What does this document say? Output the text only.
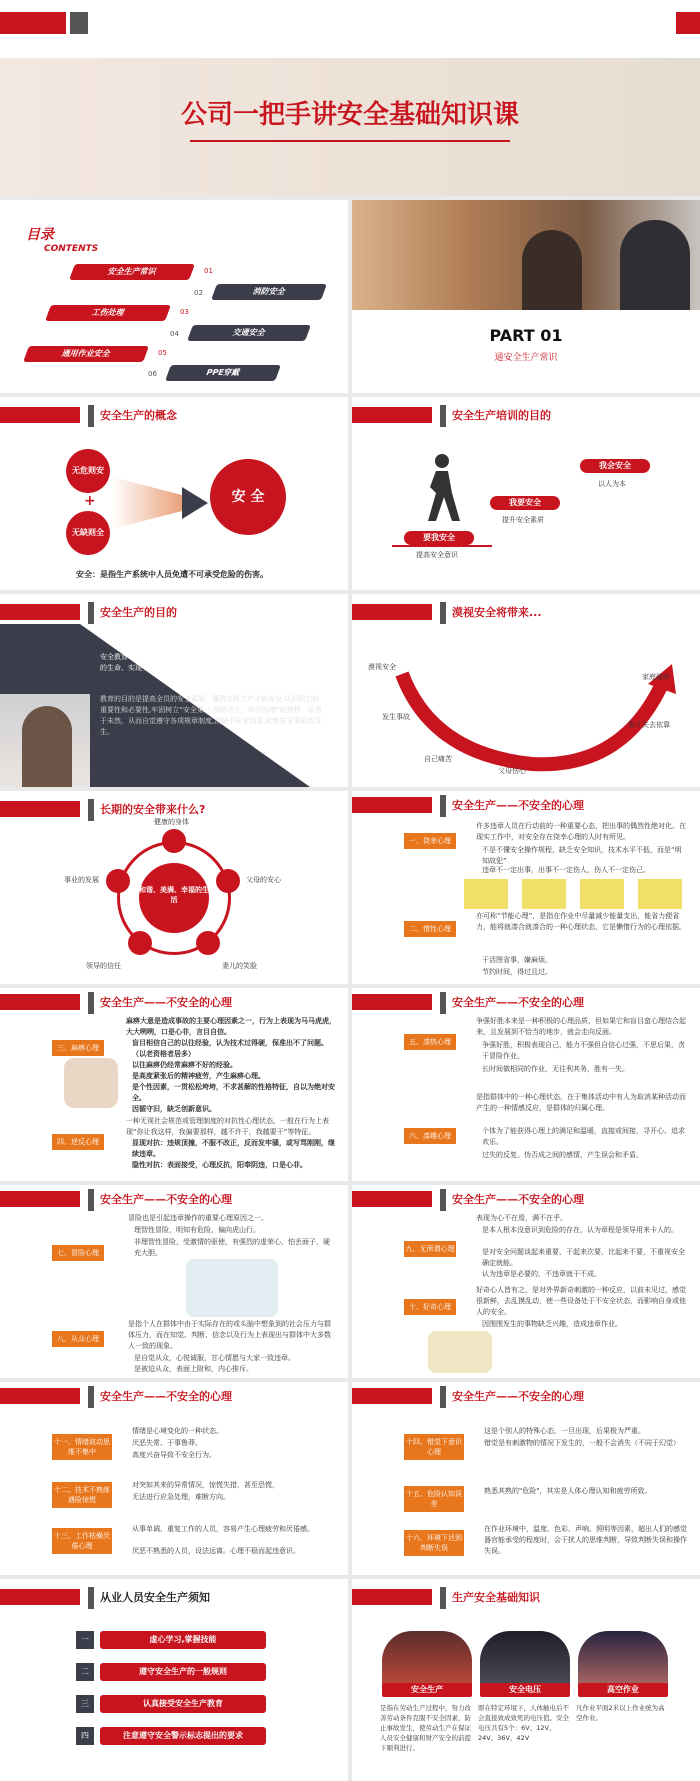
公司一把手讲安全基础知识课
目录
CONTENTS
安全生产常识	01
02	消防安全
工伤处理	03
04	交通安全
通用作业安全	05
06	PPE穿戴
PART 01
通安全生产常识
安全生产的概念
无危则安
+
无缺则全
安 全
安全：是指生产系统中人员免遭不可承受危险的伤害。
安全生产培训的目的
要我安全
提高安全意识
我要安全
提升安全素质
我会安全
以人为本
安全生产的目的
安全教育培训是安全生产正常运行的基础,是保护人的身心健康、尊重人的生命、实现安全价值和劳动价值的一种文化。
教育的目的是提高全员的安全素质，懂得怎样生产才能安全,认识到它的重要性和必要性,牢固树立“安全第一,预防为主，综合治理”的思想、原患于未然，从而自觉遵守各项规章制度,消除不安全因素,杜绝安全事故的发生。
漠视安全将带来...
漠视安全
发生事故
自己痛苦
父母伤心
妻儿失去依靠
家庭破碎
长期的安全带来什么?
和谐、美满、幸福的生活
健康的身体
父母的安心
妻儿的笑脸
领导的信任
事业的发展
安全生产——不安全的心理
一、侥幸心理
许多违章人员在行动前的一种重要心态，把出事的偶然性绝对化。在现实工作中，对安全存在侥幸心理的人时有所见。
不是不懂安全操作规程，缺乏安全知识，技术水平不低，而是“明知故犯”
违章不一定出事，出事不一定伤人，伤人不一定伤己。
二、惰性心理
亦可称“节能心理”，是指在作业中尽量减少能量支出，能省力便省力，能将就凑合就凑合的一种心理状态，它是懒惰行为的心理依据。
干活图省事，嫌麻烦。
节约时间，得过且过。
安全生产——不安全的心理
三、麻痹心理
麻痹大意是造成事故的主要心理因素之一，行为上表现为马马虎虎，大大咧咧，口是心非，言目自信。
盲目相信自己的以往经验，认为技术过得硬，保准出不了问题。（以老资格者居多）
以往麻痹仍经常麻痹不好的经验。
是高度紧张后的精神疲劳，产生麻痹心理。
是个性因素，一贯松松垮垮，不求甚解的性格特征，自以为绝对安全。
因循守旧，缺乏创新意识。
四、逆反心理
一种无视社会规范或管理制度的对抗性心理状态，一般在行为上表现“你让我这样，我偏要那样，越不许干，我越要干”等特征。
显现对抗：违规顶撞，不服不改正，反而发牢骚，或写骂刚刚，继续违章。
隐性对抗：表面接受，心理反抗，阳奉阴违，口是心非。
安全生产——不安全的心理
五、凑热心理
争强好胜本来是一种积极的心理品质，但如果它和盲目蛮心理结合起来，且发展到不恰当的地步，就会走向反面。
争强好胜，积极表现自己，能力不强但自信心过强，不思后果，贪干冒险作业。
长时间做相同的作业，无往利其务，胜有一失。
六、凑趣心理
是指群体中的一种心理状态，在于集体活动中有人为取消某种活动而产生的一种情感反应，是群体的归属心理。
个体为了能获得心理上的满足和温暖，直接或间接，寻开心、追求欢乐。
过失的反复。伪否成之间的感情，产生误会和矛盾。
安全生产——不安全的心理
七、冒险心理
冒险也是引起违章操作的重要心理原因之一。
理智性冒险，明知有危险，偏向虎山行。
非理智性冒险，受激情的驱使，有强烈的虚荣心，怕丢面子，硬充大胆。
八、从众心理
是指个人在群体中由于实际存在的或头脑中想象到的社会压力与群体压力，而在知觉、判断、信念以及行为上表现出与群体中大多数人一致的现象。
是自觉从众，心悦诚服，甘心情愿与大家一致违章。
是被迫从众，表面上附和，内心排斥。
安全生产——不安全的心理
九、无所谓心理
表现为心不在焉，满不在乎。
是本人根本没意识到危险的存在，认为章程是领导用来卡人的。
是对安全问题谈起来重要，干起来次要，比起来不要，不重视安全确定就能。
认为违章是必要的，不违章就干不成。
十、好奇心理
好奇心人皆有之，是对外界新奇刺激的一种反应，以前未见过，感觉很新鲜，去乱摸乱动，使一些设备处于不安全状态，而影响自身或他人的安全。
因围围发生的事物缺乏兴趣，造成违章作业。
安全生产——不安全的心理
十一、情绪波动思维不集中
情绪是心境变化的一种状态。
厌恶失常、干事鲁莽。
高度兴奋导致不安全行为。
十二、技术不熟练遇险惊慌
对突如其来的异常情况，惊慌失措，甚至恐慌，
无法进行应急处理，难断方向。
十三、工作枯燥厌倦心理
从事单调、重复工作的人员，容易产生心理疲劳和厌倦感。
厌恶不熟悉的人员，设法远离。心理不稳而起违意识。
安全生产——不安全的心理
十四、错觉下意识心理
这是个别人的特殊心态，一旦出现，后果极为严重。
错觉是有刺激物的情况下发生的，一般不会消失（不同于幻觉）
十五、危险认知误差
熟悉其熟的"危险"，其实是人体心理认知和疲劳所致。
十六、环境下达到判断失误
在作业环境中，温度、色彩、声响、照明等因素，超出人们的感觉器官能承受的程度时，会干扰人的思维判断，导致判断失误和操作失误。
从业人员安全生产须知
一	虚心学习,掌握技能
二	遵守安全生产的一般规则
三	认真接受安全生产教育
四	注意遵守安全警示标志提出的要求
生产安全基础知识
安全生产
是指在劳动生产过程中，努力改善劳动条件克服不安全因素，防止事故发生，使劳动生产在保证人员安全健康和财产安全的前提下顺利进行。
安全电压
即在特定环境下，人体触电后不会直接致成致死的电压值。安全电压共有5个：6V、12V、24V、36V、42V
高空作业
凡作业平面2米以上作业统为高空作业。
